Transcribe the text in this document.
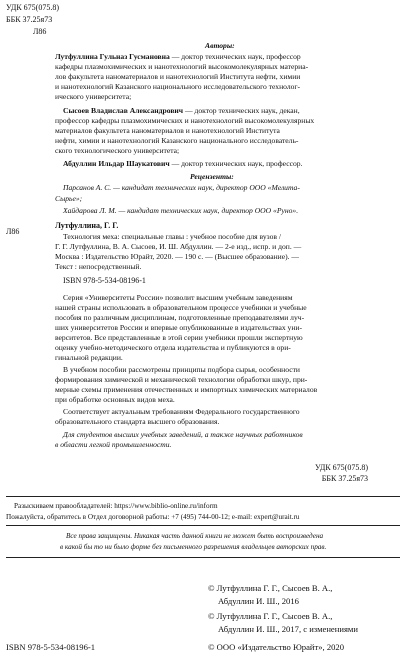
УДК 675(075.8)
ББК 37.25я73
Л86
Авторы:
Лутфуллина Гульназ Гусмановна — доктор технических наук, профессор
кафедры плазмохимических и нанотехнологий высокомолекулярных материа-
лов факультета наноматериалов и нанотехнологий Института нефти, химии
и нанотехнологий Казанского национального исследовательского технолог-
ического университета;
Сысоев Владислав Александрович — доктор технических наук, декан,
профессор кафедры плазмохимических и нанотехнологий высокомолекулярных
материалов факультета наноматериалов и нанотехнологий Института
нефти, химии и нанотехнологий Казанского национального исследователь-
ского технологического университета;
Абдуллин Ильдар Шаукатович — доктор технических наук, профессор.
Рецензенты:
Парсанов А. С. — кандидат технических наук, директор ООО «Мелита-
Сырье»;
Хайдарова Л. М. — кандидат технических наук, директор ООО «Руно».
Л86
Лутфуллина, Г. Г.
Технология меха: специальные главы : учебное пособие для вузов /
Г. Г. Лутфуллина, В. А. Сысоев, И. Ш. Абдуллин. — 2-е изд., испр. и доп. —
Москва : Издательство Юрайт, 2020. — 190 с. — (Высшее образование). —
Текст : непосредственный.
ISBN 978-5-534-08196-1
Серия «Университеты России» позволит высшим учебным заведениям
нашей страны использовать в образовательном процессе учебники и учебные
пособия по различным дисциплинам, подготовленные преподавателями луч-
ших университетов России и впервые опубликованные в издательствах уни-
верситетов. Все представленные в этой серии учебники прошли экспертную
оценку учебно-методического отдела издательства и публикуются в ори-
гинальной редакции.
В учебном пособии рассмотрены принципы подбора сырья, особенности
формирования химической и механической технологии обработки шкур, при-
мерные схемы применения отечественных и импортных химических материалов
при обработке основных видов меха.
Соответствует актуальным требованиям Федерального государственного
образовательного стандарта высшего образования.
Для студентов высших учебных заведений, а также научных работников
в области легкой промышленности.
УДК 675(075.8)
ББК 37.25я73
Разыскиваем правообладателей: https://www.biblio-online.ru/inform
Пожалуйста, обратитесь в Отдел договорной работы: +7 (495) 744-00-12; e-mail: expert@urait.ru
Все права защищены. Никакая часть данной книги не может быть воспроизведена
в какой бы то ни было форме без письменного разрешения владельцев авторских прав.
© Лутфуллина Г. Г., Сысоев В. А.,
Абдуллин И. Ш., 2016
© Лутфуллина Г. Г., Сысоев В. А.,
Абдуллин И. Ш., 2017, с изменениями
© ООО «Издательство Юрайт», 2020
ISBN 978-5-534-08196-1
